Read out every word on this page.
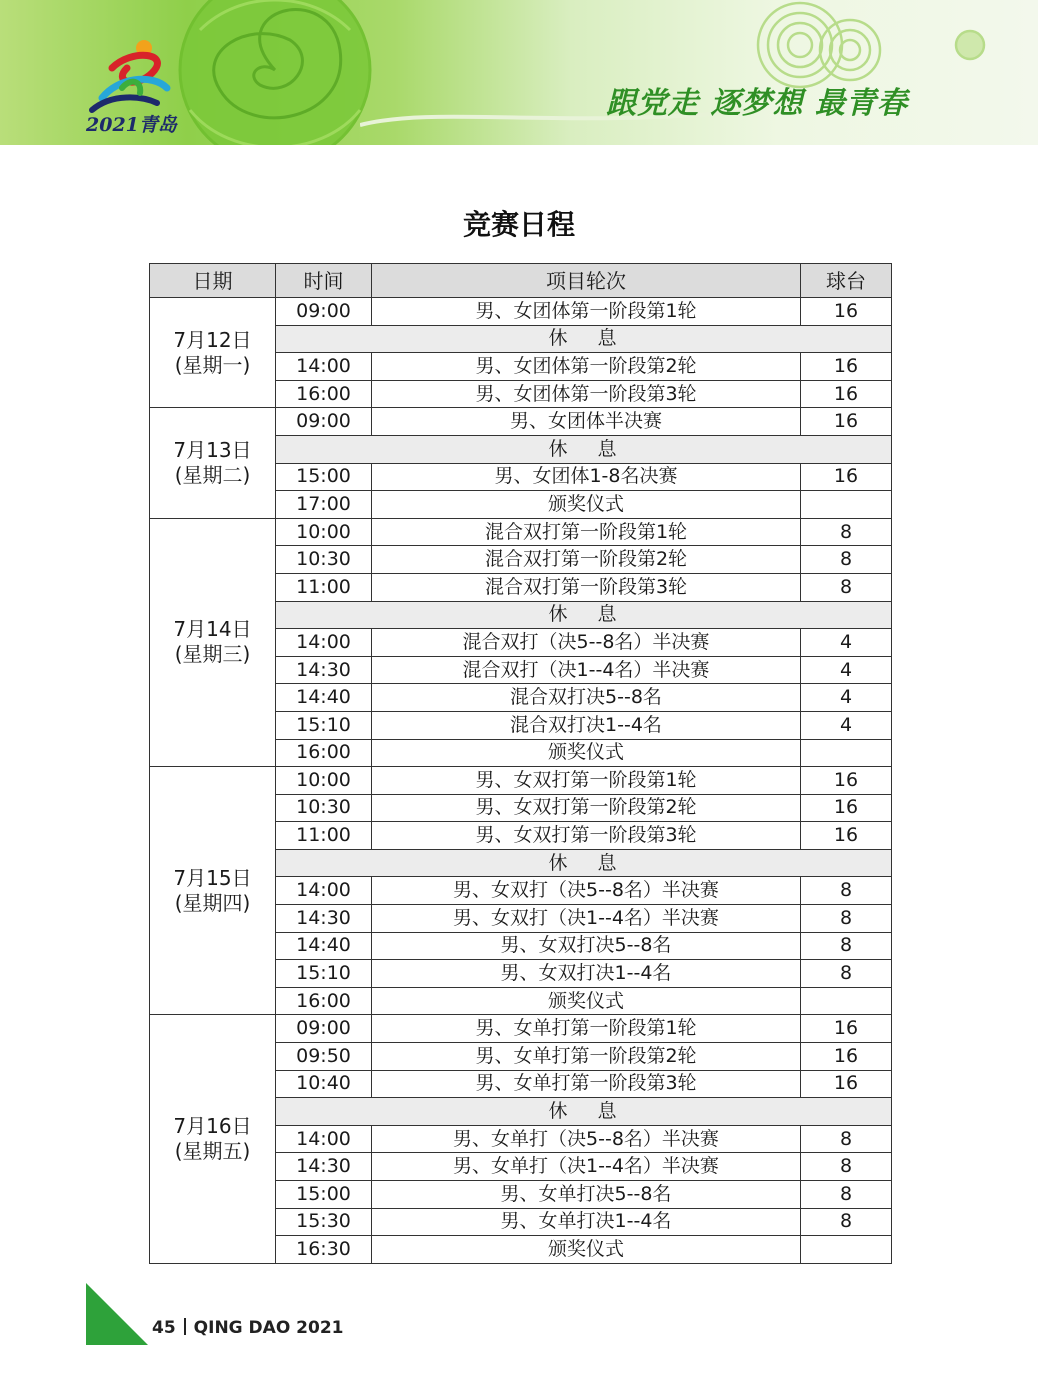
2021青岛
跟党走 逐梦想 最青春
竞赛日程
日期	时间	项目轮次	球台

7月12日
(星期一)	09:00	男、女团体第一阶段第1轮	16
	休 息		
	14:00	男、女团体第一阶段第2轮	16
	16:00	男、女团体第一阶段第3轮	16

7月13日
(星期二)	09:00	男、女团体半决赛	16
	休 息		
	15:00	男、女团体1-8名决赛	16
	17:00	颁奖仪式	

7月14日
(星期三)	10:00	混合双打第一阶段第1轮	8
	10:30	混合双打第一阶段第2轮	8
	11:00	混合双打第一阶段第3轮	8
	休 息		
	14:00	混合双打（决5--8名）半决赛	4
	14:30	混合双打（决1--4名）半决赛	4
	14:40	混合双打决5--8名	4
	15:10	混合双打决1--4名	4
	16:00	颁奖仪式	

7月15日
(星期四)	10:00	男、女双打第一阶段第1轮	16
	10:30	男、女双打第一阶段第2轮	16
	11:00	男、女双打第一阶段第3轮	16
	休 息		
	14:00	男、女双打（决5--8名）半决赛	8
	14:30	男、女双打（决1--4名）半决赛	8
	14:40	男、女双打决5--8名	8
	15:10	男、女双打决1--4名	8
	16:00	颁奖仪式	

7月16日
(星期五)	09:00	男、女单打第一阶段第1轮	16
	09:50	男、女单打第一阶段第2轮	16
	10:40	男、女单打第一阶段第3轮	16
	休 息		
	14:00	男、女单打（决5--8名）半决赛	8
	14:30	男、女单打（决1--4名）半决赛	8
	15:00	男、女单打决5--8名	8
	15:30	男、女单打决1--4名	8
	16:30	颁奖仪式	
45 QING DAO 2021
